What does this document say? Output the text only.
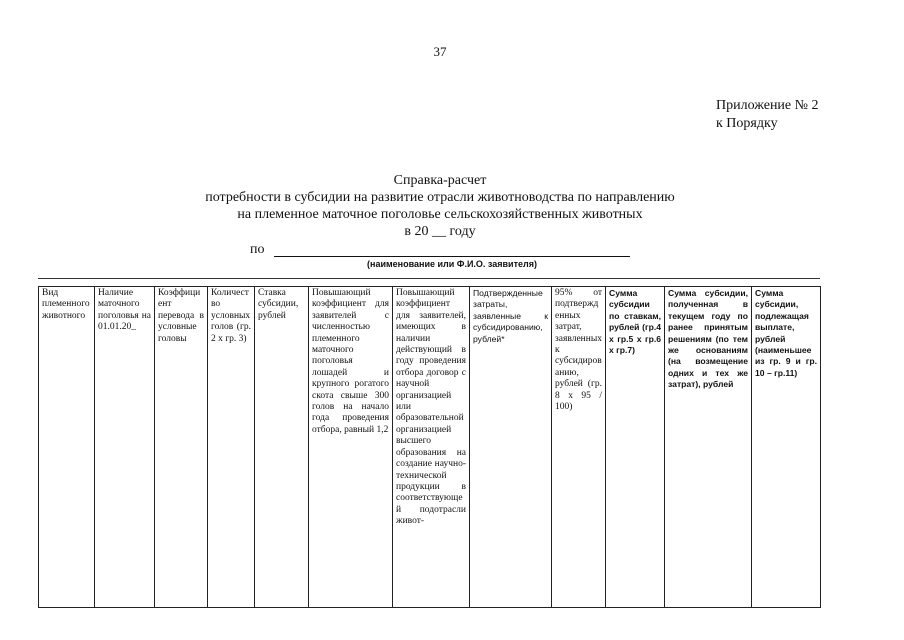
37
Приложение № 2
к Порядку
Справка-расчет
потребности в субсидии на развитие отрасли животноводства по направлению
на племенное маточное поголовье сельскохозяйственных животных
в 20 __ году
по
(наименование или Ф.И.О. заявителя)
Вид племенного животного	Наличие маточного поголовья на 01.01.20_	Коэффициент перевода в условные головы	Количество условных голов (гр. 2 х гр. 3)	Ставка субсидии, рублей	Повышающий коэффициент для заявителей с численностью племенного маточного поголовья лошадей и крупного рогатого скота свыше 300 голов на начало года проведения отбора, равный 1,2	Повышающий коэффициент для заявителей, имеющих в наличии действующий в году проведения отбора договор с научной организацией или образовательной организацией высшего образования на создание научно-технической продукции в соответствующей подотрасли живот-	Подтвержденные затраты, заявленные к субсидированию, рублей*	95% от подтвержденных затрат, заявленных к субсидированию, рублей (гр. 8 х 95 / 100)	Сумма субсидии по ставкам, рублей (гр.4 х гр.5 х гр.6 х гр.7)	Сумма субсидии, полученная в текущем году по ранее принятым решениям (по тем же основаниям (на возмещение одних и тех же затрат), рублей	Сумма субсидии, подлежащая выплате, рублей (наименьшее из гр. 9 и гр. 10 – гр.11)
